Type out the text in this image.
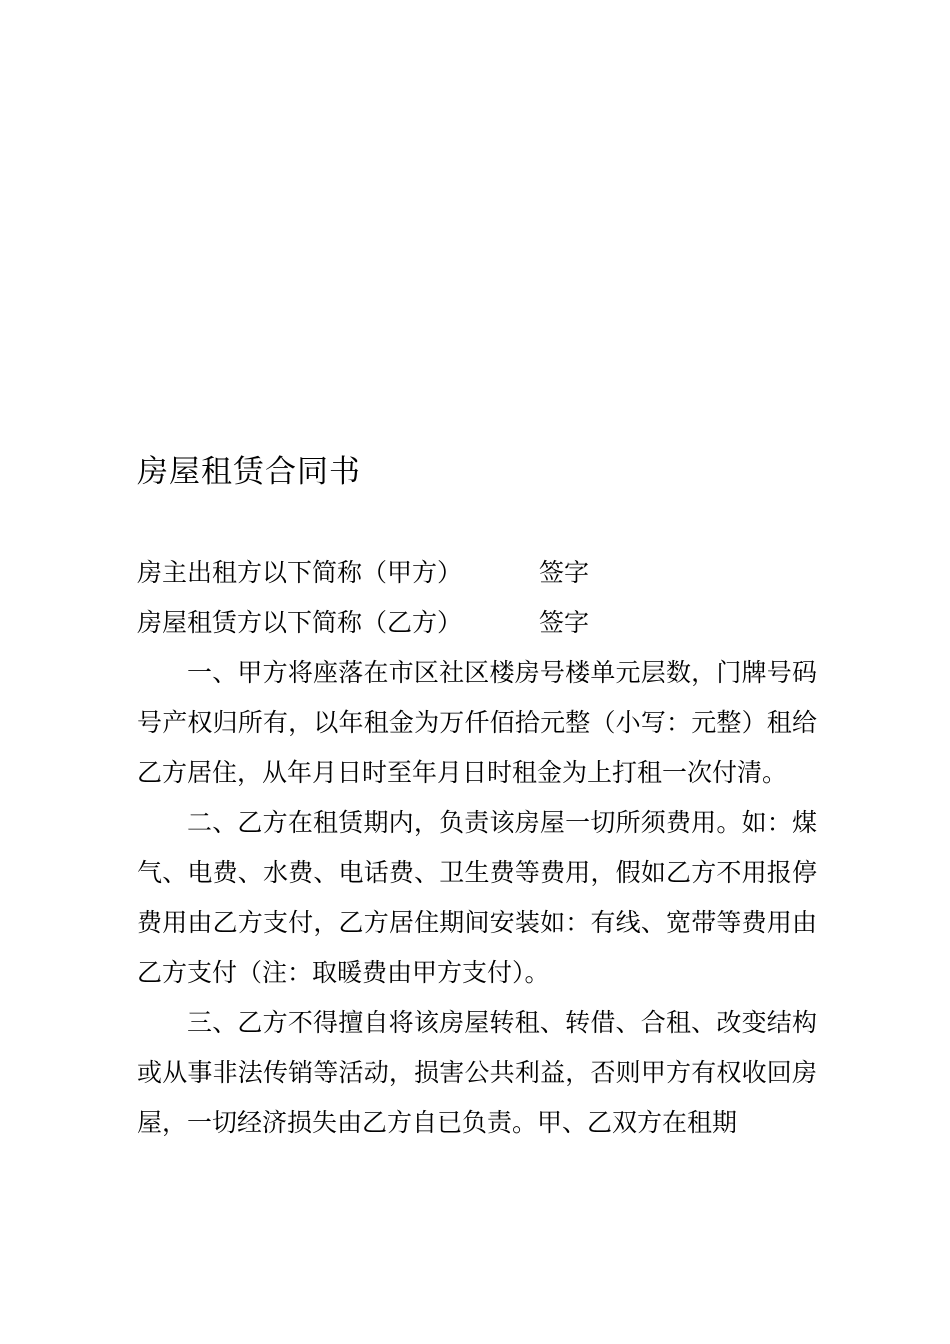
房屋租赁合同书
房主出租方以下简称（甲方）	签字
房屋租赁方以下简称（乙方）	签字

一、甲方将座落在市区社区楼房号楼单元层数，门牌号码号产权归所有，以年租金为万仟佰拾元整（小写：元整）租给乙方居住，从年月日时至年月日时租金为上打租一次付清。

二、乙方在租赁期内，负责该房屋一切所须费用。如：煤气、电费、水费、电话费、卫生费等费用，假如乙方不用报停费用由乙方支付，乙方居住期间安装如：有线、宽带等费用由乙方支付（注：取暖费由甲方支付）。

三、乙方不得擅自将该房屋转租、转借、合租、改变结构或从事非法传销等活动，损害公共利益，否则甲方有权收回房屋，一切经济损失由乙方自已负责。甲、乙双方在租期
